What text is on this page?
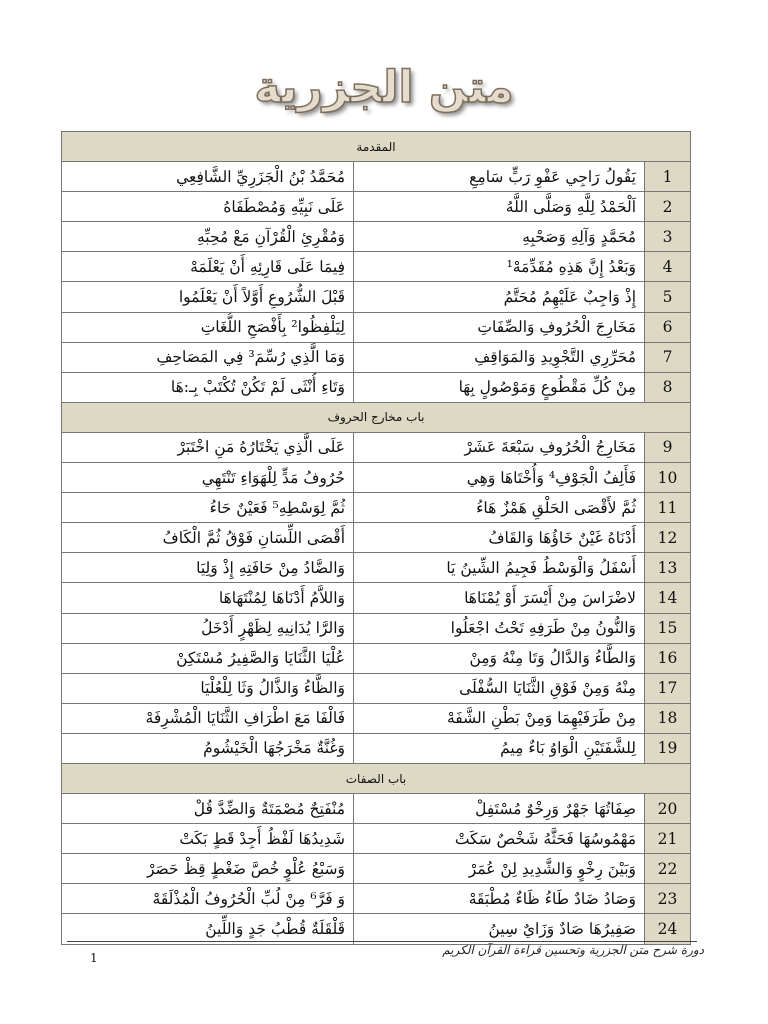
متن الجزرية
المقدمة		
1	يَقُولُ رَاجِي عَفْوِ رَبٍّ سَامِعِ	مُحَمَّدُ بْنُ الْجَزَرِيِّ الشَّافِعِي
2	اَلْحَمْدُ لِلَّهِ وَصَلَّى اللَّهُ	عَلَى نَبِيِّهِ وَمُصْطَفَاهُ
3	مُحَمَّدٍ وَآلِهِ وَصَحْبِهِ	وَمُقْرِئِ الْقُرْآنِ مَعْ مُحِبِّهِ
4	وَبَعْدُ إِنَّ هَذِهِ مُقَدِّمَهْ¹	فِيمَا عَلَى قَارِئِهِ أَنْ يَعْلَمَهْ
5	إِذْ وَاجِبٌ عَلَيْهِمُ مُحَتَّمُ	قَبْلَ الشُّرُوعِ أَوَّلاً أَنْ يَعْلَمُوا
6	مَخَارِجَ الْحُرُوفِ وَالصِّفَاتِ	لِيَلْفِظُوا² بِأَفْصَحِ اللُّغَاتِ
7	مُحَرِّرِي التَّجْوِيدِ وَالمَوَاقِفِ	وَمَا الَّذِي رُسِّمَ³ فِي المَصَاحِفِ
8	مِنْ كُلِّ مَقْطُوعٍ وَمَوْصُولٍ بِهَا	وَتَاءِ أُنْثَى لَمْ تَكُنْ تُكْتَبْ بِـ:هَا
باب مخارج الحروف		
9	مَخَارِجُ الْحُرُوفِ سَبْعَةَ عَشَرْ	عَلَى الَّذِي يَخْتَارُهُ مَنِ اخْتَبَرْ
10	فَأَلِفُ الْجَوْفِ⁴ وَأُخْتَاهَا وَهِي	حُرُوفُ مَدٍّ لِلْهَوَاءِ تَنْتَهِي
11	ثُمَّ لأَقْصَى الحَلْقِ هَمْزٌ هَاءُ	ثُمَّ لِوَسْطِهِ⁵ فَعَيْنٌ حَاءُ
12	أَدْنَاهُ غَيْنٌ خَاؤُهَا وَالقَافُ	أَقْصَى اللِّسَانِ فَوْقُ ثُمَّ الْكَافُ
13	أَسْفَلُ وَالْوَسْطُ فَجِيمُ الشِّينُ يَا	وَالضَّادُ مِنْ حَافَتِهِ إِذْ وَلِيَا
14	لاضْرَاسَ مِنْ أَيْسَرَ أَوْ يُمْنَاهَا	وَاللاَّمُ أَدْنَاهَا لِمُنْتَهَاهَا
15	وَالنُّونُ مِنْ طَرَفِهِ تَحْتُ اجْعَلُوا	وَالرَّا يُدَانِيهِ لِظَهْرٍ أَدْخَلُ
16	وَالطَّاءُ وَالدَّالُ وَتَا مِنْهُ وَمِنْ	عُلْيَا الثَّنَايَا وَالصَّفِيرُ مُسْتَكِنْ
17	مِنْهُ وَمِنْ فَوْقِ الثَّنَايَا السُّفْلَى	وَالظَّاءُ وَالذَّالُ وَثَا لِلْعُلْيَا
18	مِنْ طَرَفَيْهِمَا وَمِنْ بَطْنِ الشَّفَهْ	فَالْفَا مَعَ اطْرَافِ الثَّنَايَا الْمُشْرِفَهْ
19	لِلشَّفَتَيْنِ الْوَاوُ بَاءٌ مِيمُ	وَغُنَّةٌ مَخْرَجُهَا الْخَيْشُومُ
باب الصفات		
20	صِفَاتُهَا جَهْرٌ وَرِخْوٌ مُسْتَفِلْ	مُنْفَتِحٌ مُصْمَتَةٌ وَالضِّدَّ قُلْ
21	مَهْمُوسُهَا فَحَثَّهُ شَخْصٌ سَكَتْ	شَدِيدُهَا لَفْظُ أَجِدْ قَطٍ بَكَتْ
22	وَبَيْنَ رِخْوٍ وَالشَّدِيدِ لِنْ عُمَرْ	وَسَبْعُ عُلْوٍ خُصَّ ضَغْطٍ قِظْ حَصَرْ
23	وَصَادُ ضَادٌ طَاءُ ظَاءٌ مُطْبَقَهْ	وَ فَرَّ⁶ مِنْ لُبِّ الْحُرُوفُ الْمُذْلَقَهْ
24	صَفِيرُهَا صَادٌ وَزَايٌ سِينُ	قَلْقَلَةٌ قُطْبُ جَدٍ وَاللِّينُ
دورة شرح متن الجزرية وتحسين قراءة القرآن الكريم
1
